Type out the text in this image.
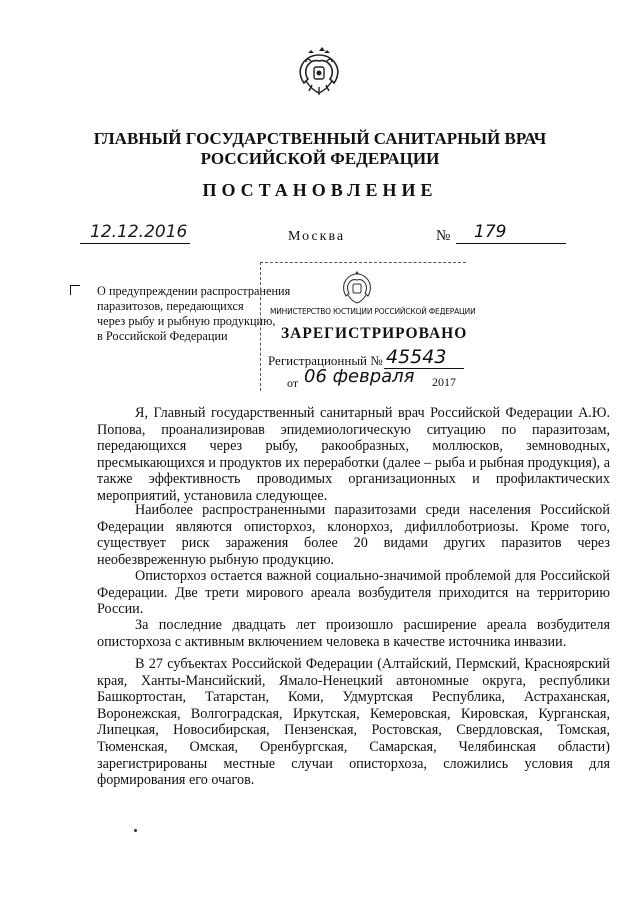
ГЛАВНЫЙ ГОСУДАРСТВЕННЫЙ САНИТАРНЫЙ ВРАЧ
РОССИЙСКОЙ ФЕДЕРАЦИИ
ПОСТАНОВЛЕНИЕ
12.12.2016	Москва	№ 179
О предупреждении распространения
паразитозов, передающихся
через рыбу и рыбную продукцию,
в Российской Федерации
МИНИСТЕРСТВО ЮСТИЦИИ РОССИЙСКОЙ ФЕДЕРАЦИИ
ЗАРЕГИСТРИРОВАНО
Регистрационный № 45543
от 06 февраля 2017
Я, Главный государственный санитарный врач Российской Федерации А.Ю. Попова, проанализировав эпидемиологическую ситуацию по паразитозам, передающихся через рыбу, ракообразных, моллюсков, земноводных, пресмыкающихся и продуктов их переработки (далее – рыба и рыбная продукция), а также эффективность проводимых организационных и профилактических мероприятий, установила следующее.
Наиболее распространенными паразитозами среди населения Российской Федерации являются описторхоз, клонорхоз, дифиллоботриозы. Кроме того, существует риск заражения более 20 видами других паразитов через необезвреженную рыбную продукцию.
Описторхоз остается важной социально-значимой проблемой для Российской Федерации. Две трети мирового ареала возбудителя приходится на территорию России.
За последние двадцать лет произошло расширение ареала возбудителя описторхоза с активным включением человека в качестве источника инвазии.
В 27 субъектах Российской Федерации (Алтайский, Пермский, Красноярский края, Ханты-Мансийский, Ямало-Ненецкий автономные округа, республики Башкортостан, Татарстан, Коми, Удмуртская Республика, Астраханская, Воронежская, Волгоградская, Иркутская, Кемеровская, Кировская, Курганская, Липецкая, Новосибирская, Пензенская, Ростовская, Свердловская, Томская, Тюменская, Омская, Оренбургская, Самарская, Челябинская области) зарегистрированы местные случаи описторхоза, сложились условия для формирования его очагов.
